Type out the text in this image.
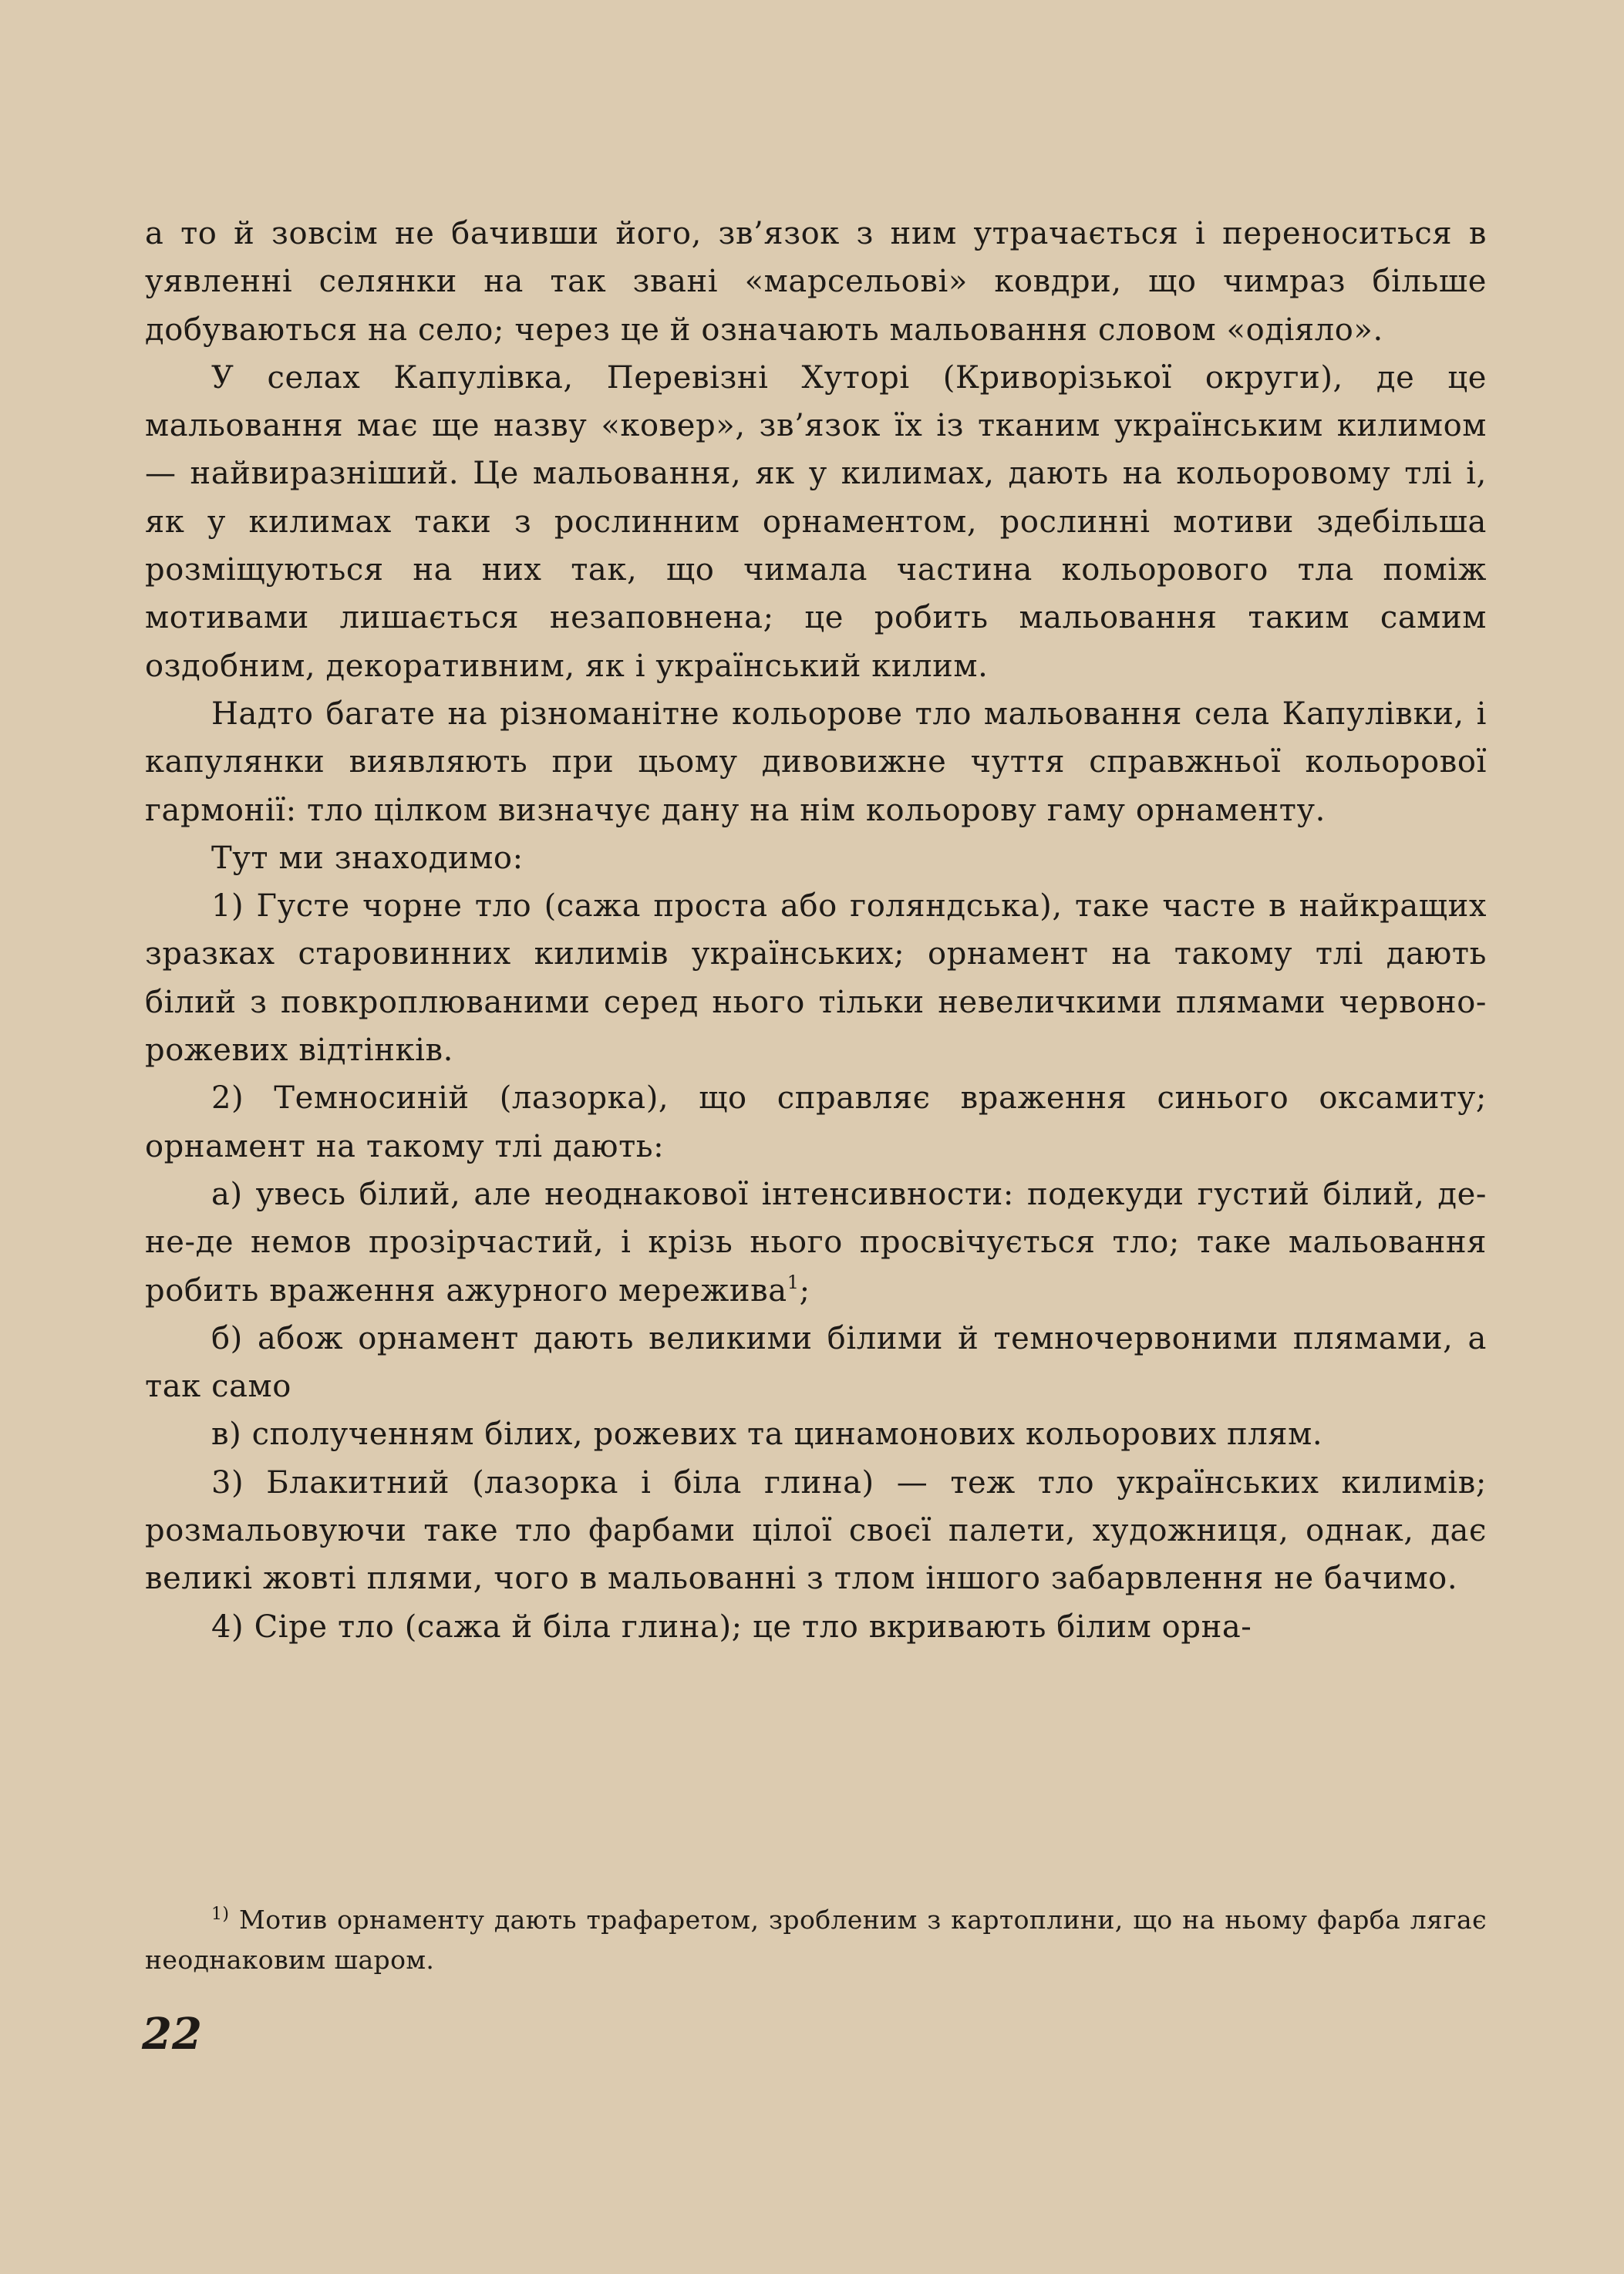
а то й зовсім не бачивши його, зв’язок з ним утрачається і переноситься в уявленні селянки на так звані «марсельові» ковдри, що чимраз більше добуваються на село; через це й означають мальовання словом «одіяло».

У селах Капулівка, Перевізні Хуторі (Криворізької округи), де це мальовання має ще назву «ковер», зв’язок їх із тканим українським килимом — найвиразніший. Це мальовання, як у килимах, дають на кольоровому тлі і, як у килимах таки з рослинним орнаментом, рослинні мотиви здебільша розміщуються на них так, що чимала частина кольорового тла поміж мотивами лишається незаповнена; це робить мальовання таким самим оздобним, декоративним, як і український килим.

Надто багате на різноманітне кольорове тло мальовання села Капулівки, і капулянки виявляють при цьому дивовижне чуття справжньої кольорової гармонії: тло цілком визначує дану на нім кольорову гаму орнаменту.

Тут ми знаходимо:

1) Густе чорне тло (сажа проста або голяндська), таке часте в найкращих зразках старовинних килимів українських; орнамент на такому тлі дають білий з повкроплюваними серед нього тільки невеличкими плямами червоно-рожевих відтінків.

2) Темносиній (лазорка), що справляє враження синього оксамиту; орнамент на такому тлі дають:

а) увесь білий, але неоднакової інтенсивности: подекуди густий білий, де-не-де немов прозірчастий, і крізь нього просвічується тло; таке мальовання робить враження ажурного мережива$^1$;

б) абож орнамент дають великими білими й темночервоними плямами, а так само

в) сполученням білих, рожевих та цинамонових кольорових плям.

3) Блакитний (лазорка і біла глина) — теж тло українських килимів; розмальовуючи таке тло фарбами цілої своєї палети, художниця, однак, дає великі жовті плями, чого в мальованні з тлом іншого забарвлення не бачимо.

4) Сіре тло (сажа й біла глина); це тло вкривають білим орна-

$^{1)}$ Мотив орнаменту дають трафаретом, зробленим з картоплини, що на ньому фарба лягає неоднаковим шаром.

22
